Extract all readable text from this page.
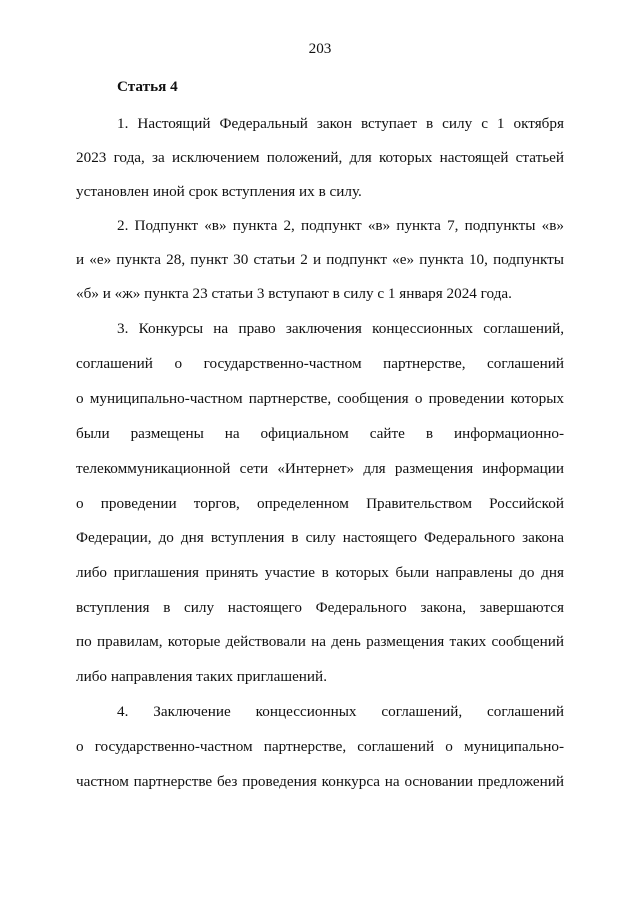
203
Статья 4
1. Настоящий Федеральный закон вступает в силу с 1 октября
2023 года, за исключением положений, для которых настоящей статьей
установлен иной срок вступления их в силу.
2. Подпункт «в» пункта 2, подпункт «в» пункта 7, подпункты «в»
и «е» пункта 28, пункт 30 статьи 2 и подпункт «е» пункта 10, подпункты
«б» и «ж» пункта 23 статьи 3 вступают в силу с 1 января 2024 года.
3. Конкурсы на право заключения концессионных соглашений,
соглашений о государственно-частном партнерстве, соглашений
о муниципально-частном партнерстве, сообщения о проведении которых
были размещены на официальном сайте в информационно-
телекоммуникационной сети «Интернет» для размещения информации
о проведении торгов, определенном Правительством Российской
Федерации, до дня вступления в силу настоящего Федерального закона
либо приглашения принять участие в которых были направлены до дня
вступления в силу настоящего Федерального закона, завершаются
по правилам, которые действовали на день размещения таких сообщений
либо направления таких приглашений.
4. Заключение концессионных соглашений, соглашений
о государственно-частном партнерстве, соглашений о муниципально-
частном партнерстве без проведения конкурса на основании предложений
